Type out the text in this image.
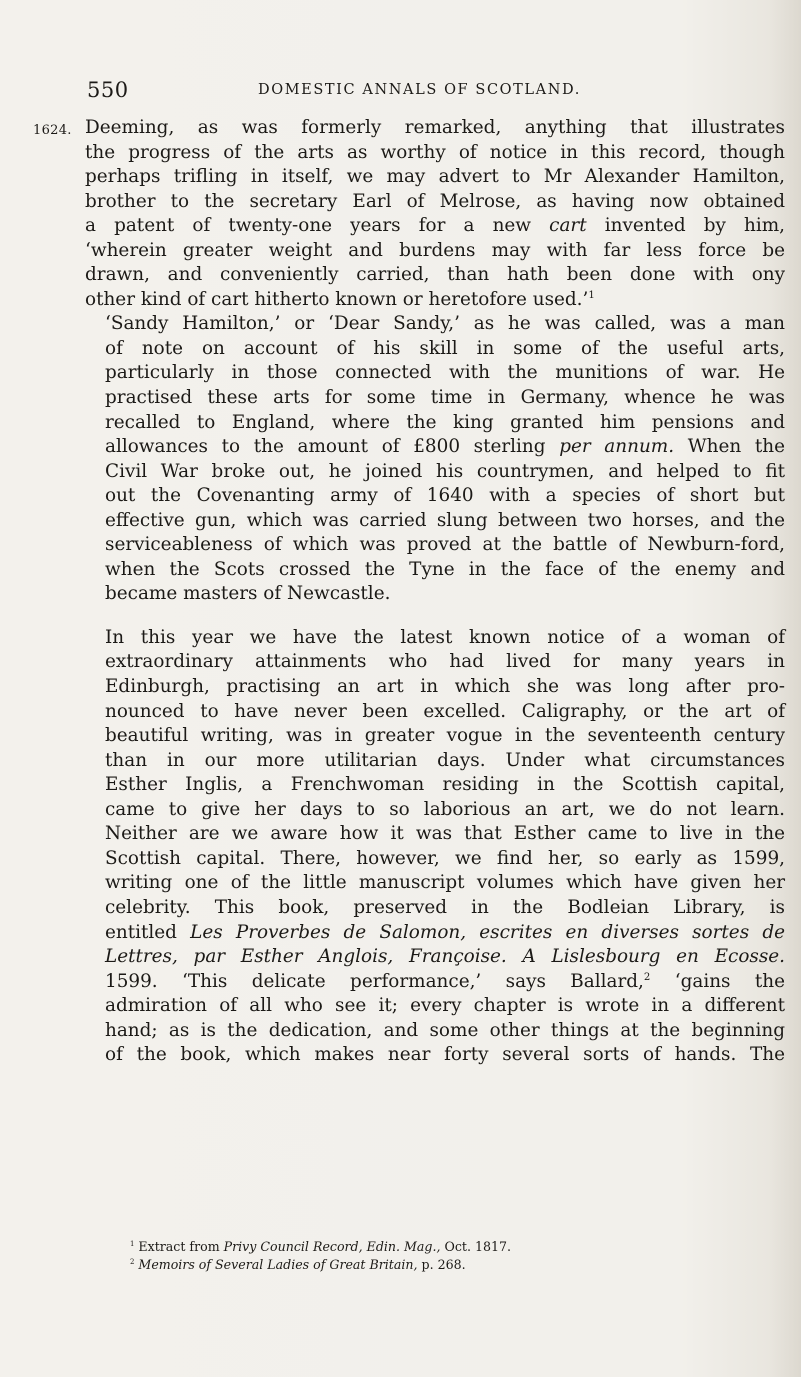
550	DOMESTIC ANNALS OF SCOTLAND.
1624. Deeming, as was formerly remarked, anything that illustrates
the progress of the arts as worthy of notice in this record, though
perhaps trifling in itself, we may advert to Mr Alexander Hamilton,
brother to the secretary Earl of Melrose, as having now obtained
a patent of twenty-one years for a new cart invented by him,
‘wherein greater weight and burdens may with far less force be
drawn, and conveniently carried, than hath been done with ony
other kind of cart hitherto known or heretofore used.’$^1$

‘Sandy Hamilton,’ or ‘Dear Sandy,’ as he was called, was a man
of note on account of his skill in some of the useful arts,
particularly in those connected with the munitions of war. He
practised these arts for some time in Germany, whence he was
recalled to England, where the king granted him pensions and
allowances to the amount of £800 sterling per annum. When the
Civil War broke out, he joined his countrymen, and helped to fit
out the Covenanting army of 1640 with a species of short but
effective gun, which was carried slung between two horses, and the
serviceableness of which was proved at the battle of Newburn-ford,
when the Scots crossed the Tyne in the face of the enemy and
became masters of Newcastle.

In this year we have the latest known notice of a woman of
extraordinary attainments who had lived for many years in
Edinburgh, practising an art in which she was long after pro-
nounced to have never been excelled. Caligraphy, or the art of
beautiful writing, was in greater vogue in the seventeenth century
than in our more utilitarian days. Under what circumstances
Esther Inglis, a Frenchwoman residing in the Scottish capital,
came to give her days to so laborious an art, we do not learn.
Neither are we aware how it was that Esther came to live in the
Scottish capital. There, however, we find her, so early as 1599,
writing one of the little manuscript volumes which have given her
celebrity. This book, preserved in the Bodleian Library, is
entitled Les Proverbes de Salomon, escrites en diverses sortes de
Lettres, par Esther Anglois, Françoise. A Lislesbourg en Ecosse.
1599. ‘This delicate performance,’ says Ballard,$^2$ ‘gains the
admiration of all who see it; every chapter is wrote in a different
hand; as is the dedication, and some other things at the beginning
of the book, which makes near forty several sorts of hands. The

$^1$ Extract from Privy Council Record, Edin. Mag., Oct. 1817.
$^2$ Memoirs of Several Ladies of Great Britain, p. 268.
